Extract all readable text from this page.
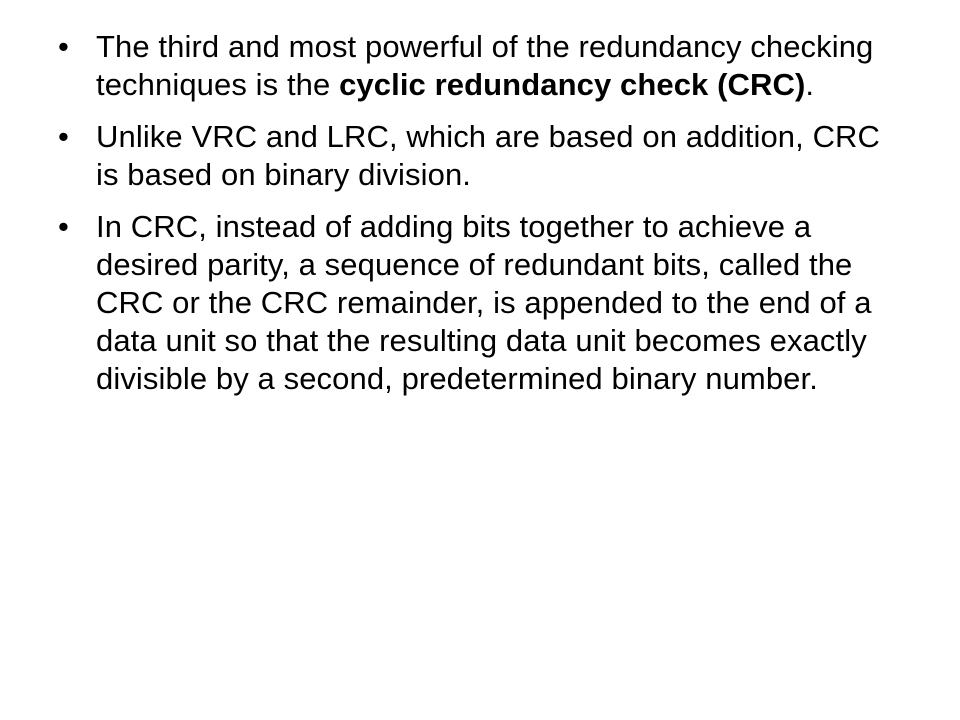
• The third and most powerful of the redundancy checking techniques is the cyclic redundancy check (CRC).
• Unlike VRC and LRC, which are based on addition, CRC is based on binary division.
• In CRC, instead of adding bits together to achieve a desired parity, a sequence of redundant bits, called the CRC or the CRC remainder, is appended to the end of a data unit so that the resulting data unit becomes exactly divisible by a second, predetermined binary number.
